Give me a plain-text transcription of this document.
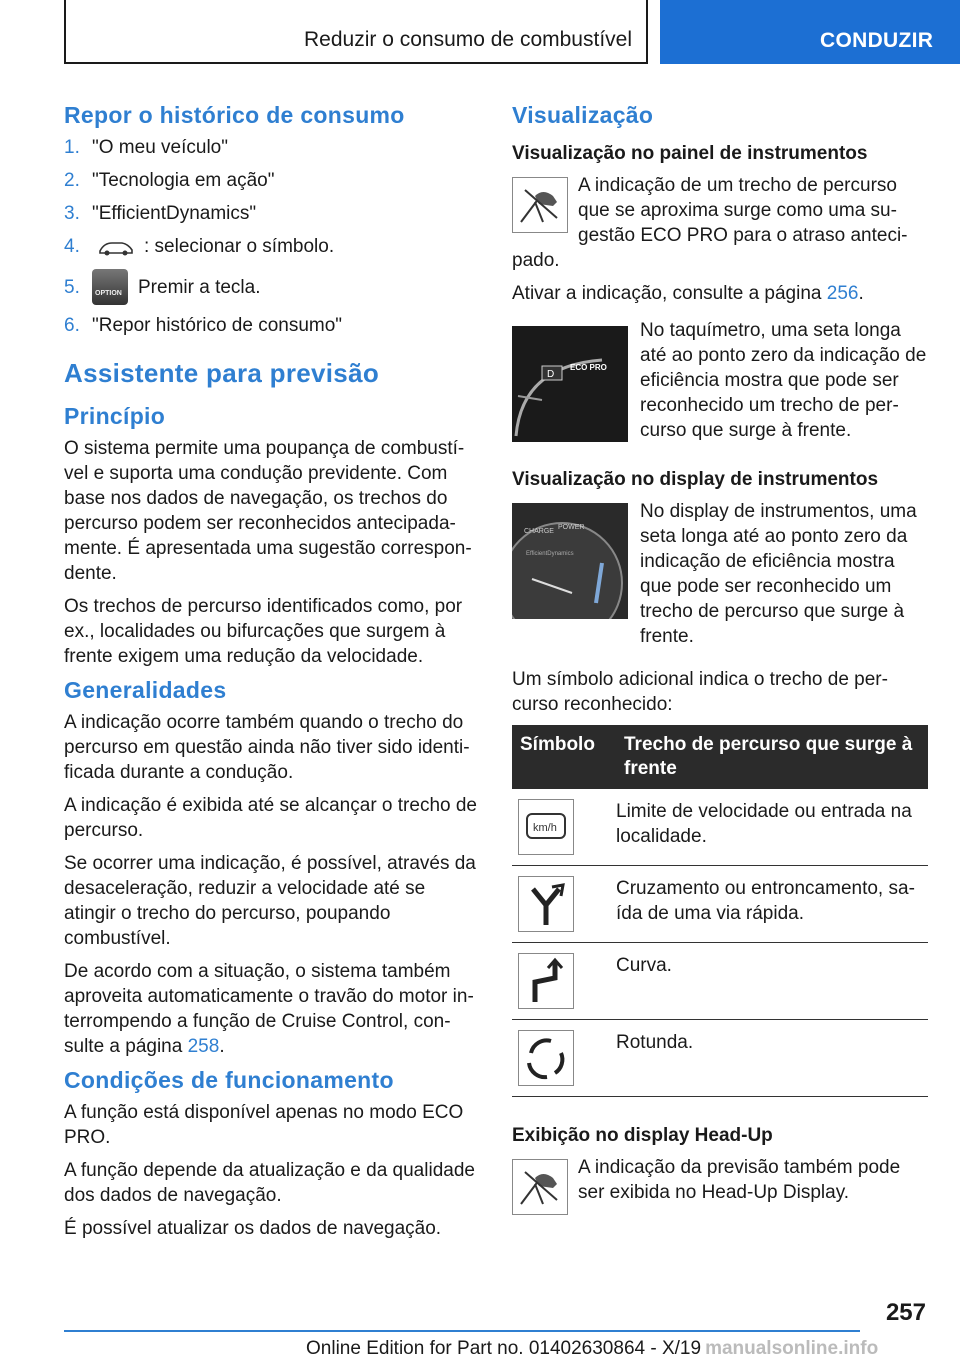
Reduzir o consumo de combustível	CONDUZIR
Repor o histórico de consumo
1. "O meu veículo"
2. "Tecnologia em ação"
3. "EfficientDynamics"
4.	: selecionar o símbolo.
5.	OPTION Premir a tecla.
6. "Repor histórico de consumo"
Assistente para previsão
Princípio

O sistema permite uma poupança de combustível e suporta uma condução previdente. Com base nos dados de navegação, os trechos do percurso podem ser reconhecidos antecipadamente. É apresentada uma sugestão correspondente.

Os trechos de percurso identificados como, por ex., localidades ou bifurcações que surgem à frente exigem uma redução da velocidade.

Generalidades

A indicação ocorre também quando o trecho do percurso em questão ainda não tiver sido identificada durante a condução.

A indicação é exibida até se alcançar o trecho de percurso.

Se ocorrer uma indicação, é possível, através da desaceleração, reduzir a velocidade até se atingir o trecho do percurso, poupando combustível.

De acordo com a situação, o sistema também aproveita automaticamente o travão do motor interrompendo a função de Cruise Control, consulte a página 258.

Condições de funcionamento

A função está disponível apenas no modo ECO PRO.

A função depende da atualização e da qualidade dos dados de navegação.

É possível atualizar os dados de navegação.

Visualização
Visualização no painel de instrumentos

A indicação de um trecho de percurso que se aproxima surge como uma sugestão ECO PRO para o atraso antecipado.

Ativar a indicação, consulte a página 256.

D
ECO PRO

No taquímetro, uma seta longa até ao ponto zero da indicação de eficiência mostra que pode ser reconhecido um trecho de percurso que surge à frente.

Visualização no display de instrumentos
CHARGE
POWER
EfficientDynamics

No display de instrumentos, uma seta longa até ao ponto zero da indicação de eficiência mostra que pode ser reconhecido um trecho de percurso que surge à frente.

Um símbolo adicional indica o trecho de percurso reconhecido:

Símbolo	Trecho de percurso que surge à frente

km/h	Limite de velocidade ou entrada na localidade.

	Cruzamento ou entroncamento, saída de uma via rápida.

	Curva.

	Rotunda.
Exibição no display Head-Up

A indicação da previsão também pode ser exibida no Head-Up Display.

257
Online Edition for Part no. 01402630864 - X/19 manualsonline.info
